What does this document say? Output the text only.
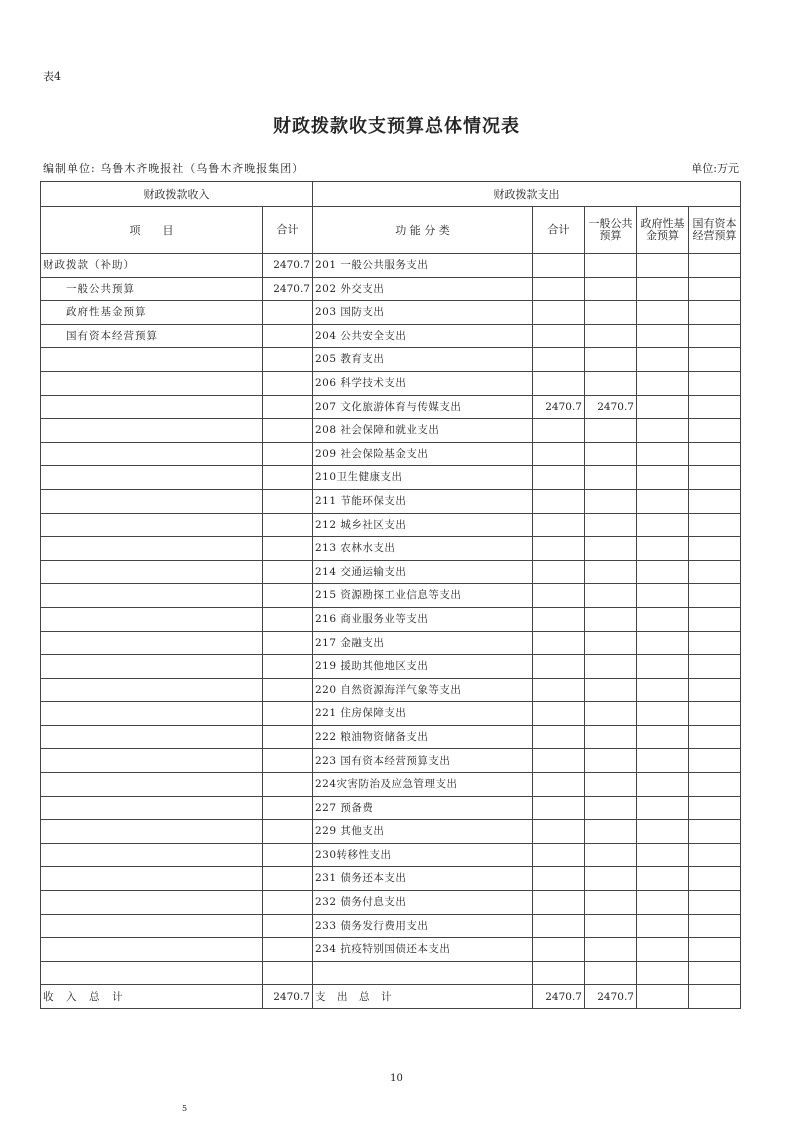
表4
财政拨款收支预算总体情况表
编制单位: 乌鲁木齐晚报社（乌鲁木齐晚报集团）	单位:万元
财政拨款收入		财政拨款支出				
项　　目	合计	功 能 分 类	合计	一般公共预算	政府性基金预算	国有资本经营预算
财政拨款（补助）	2470.7	201 一般公共服务支出				
　　一般公共预算	2470.7	202 外交支出				
　　政府性基金预算		203 国防支出				
　　国有资本经营预算		204 公共安全支出				
		205 教育支出				
		206 科学技术支出				
		207 文化旅游体育与传媒支出	2470.7	2470.7		
		208 社会保障和就业支出				
		209 社会保险基金支出				
		210卫生健康支出				
		211 节能环保支出				
		212 城乡社区支出				
		213 农林水支出				
		214 交通运输支出				
		215 资源勘探工业信息等支出				
		216 商业服务业等支出				
		217 金融支出				
		219 援助其他地区支出				
		220 自然资源海洋气象等支出				
		221 住房保障支出				
		222 粮油物资储备支出				
		223 国有资本经营预算支出				
		224灾害防治及应急管理支出				
		227 预备费				
		229 其他支出				
		230转移性支出				
		231 债务还本支出				
		232 债务付息支出				
		233 债务发行费用支出				
		234 抗疫特别国债还本支出				

收　入　总　计	2470.7	支　出　总　计	2470.7	2470.7		
10
5
